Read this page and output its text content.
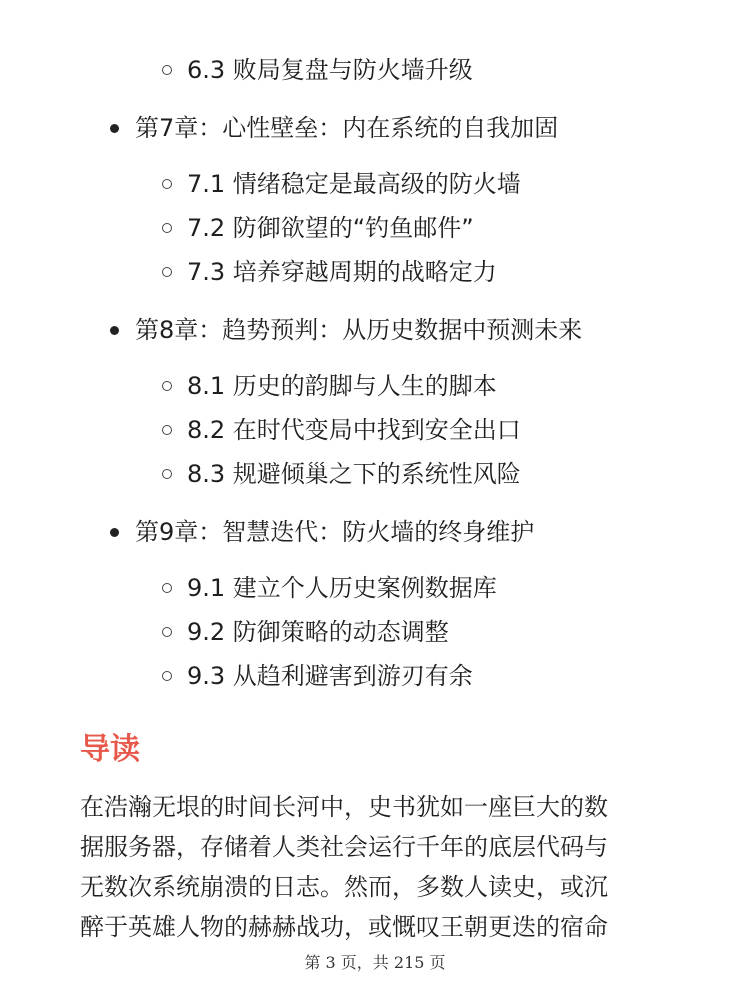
6.3 败局复盘与防火墙升级
第7章：心性壁垒：内在系统的自我加固
7.1 情绪稳定是最高级的防火墙
7.2 防御欲望的“钓鱼邮件”
7.3 培养穿越周期的战略定力
第8章：趋势预判：从历史数据中预测未来
8.1 历史的韵脚与人生的脚本
8.2 在时代变局中找到安全出口
8.3 规避倾巢之下的系统性风险
第9章：智慧迭代：防火墙的终身维护
9.1 建立个人历史案例数据库
9.2 防御策略的动态调整
9.3 从趋利避害到游刃有余
导读
在浩瀚无垠的时间长河中，史书犹如一座巨大的数
据服务器，存储着人类社会运行千年的底层代码与
无数次系统崩溃的日志。然而，多数人读史，或沉
醉于英雄人物的赫赫战功，或慨叹王朝更迭的宿命
第 3 页，共 215 页
